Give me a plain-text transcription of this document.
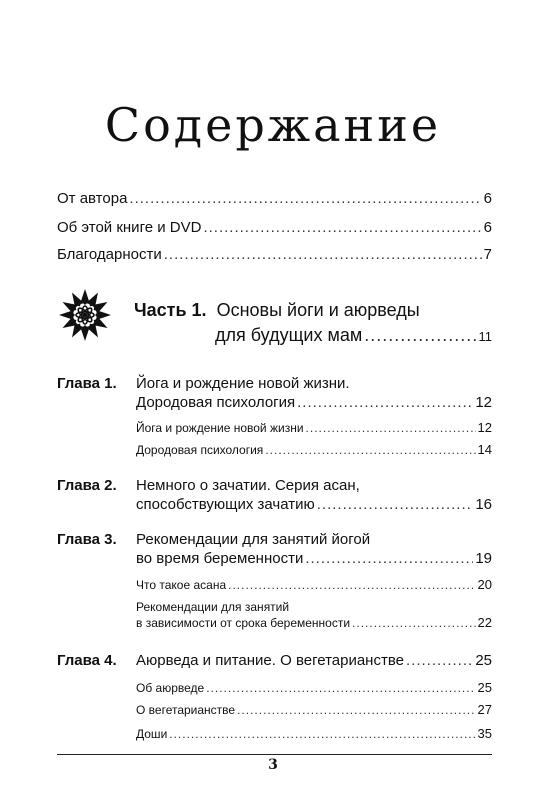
Содержание
От автора .....	6
Об этой книге и DVD .....	6
Благодарности .....	7
Часть 1. Основы йоги и аюрведы
для будущих мам .....	11
Глава 1. Йога и рождение новой жизни.
Дородовая психология .....	12
Йога и рождение новой жизни .....	12
Дородовая психология .....	14
Глава 2. Немного о зачатии. Серия асан,
способствующих зачатию .....	16
Глава 3. Рекомендации для занятий йогой
во время беременности .....	19
Что такое асана .....	20
Рекомендации для занятий
в зависимости от срока беременности .....	22
Глава 4. Аюрведа и питание. О вегетарианстве .....	25
Об аюрведе .....	25
О вегетарианстве .....	27
Доши .....	35
3
